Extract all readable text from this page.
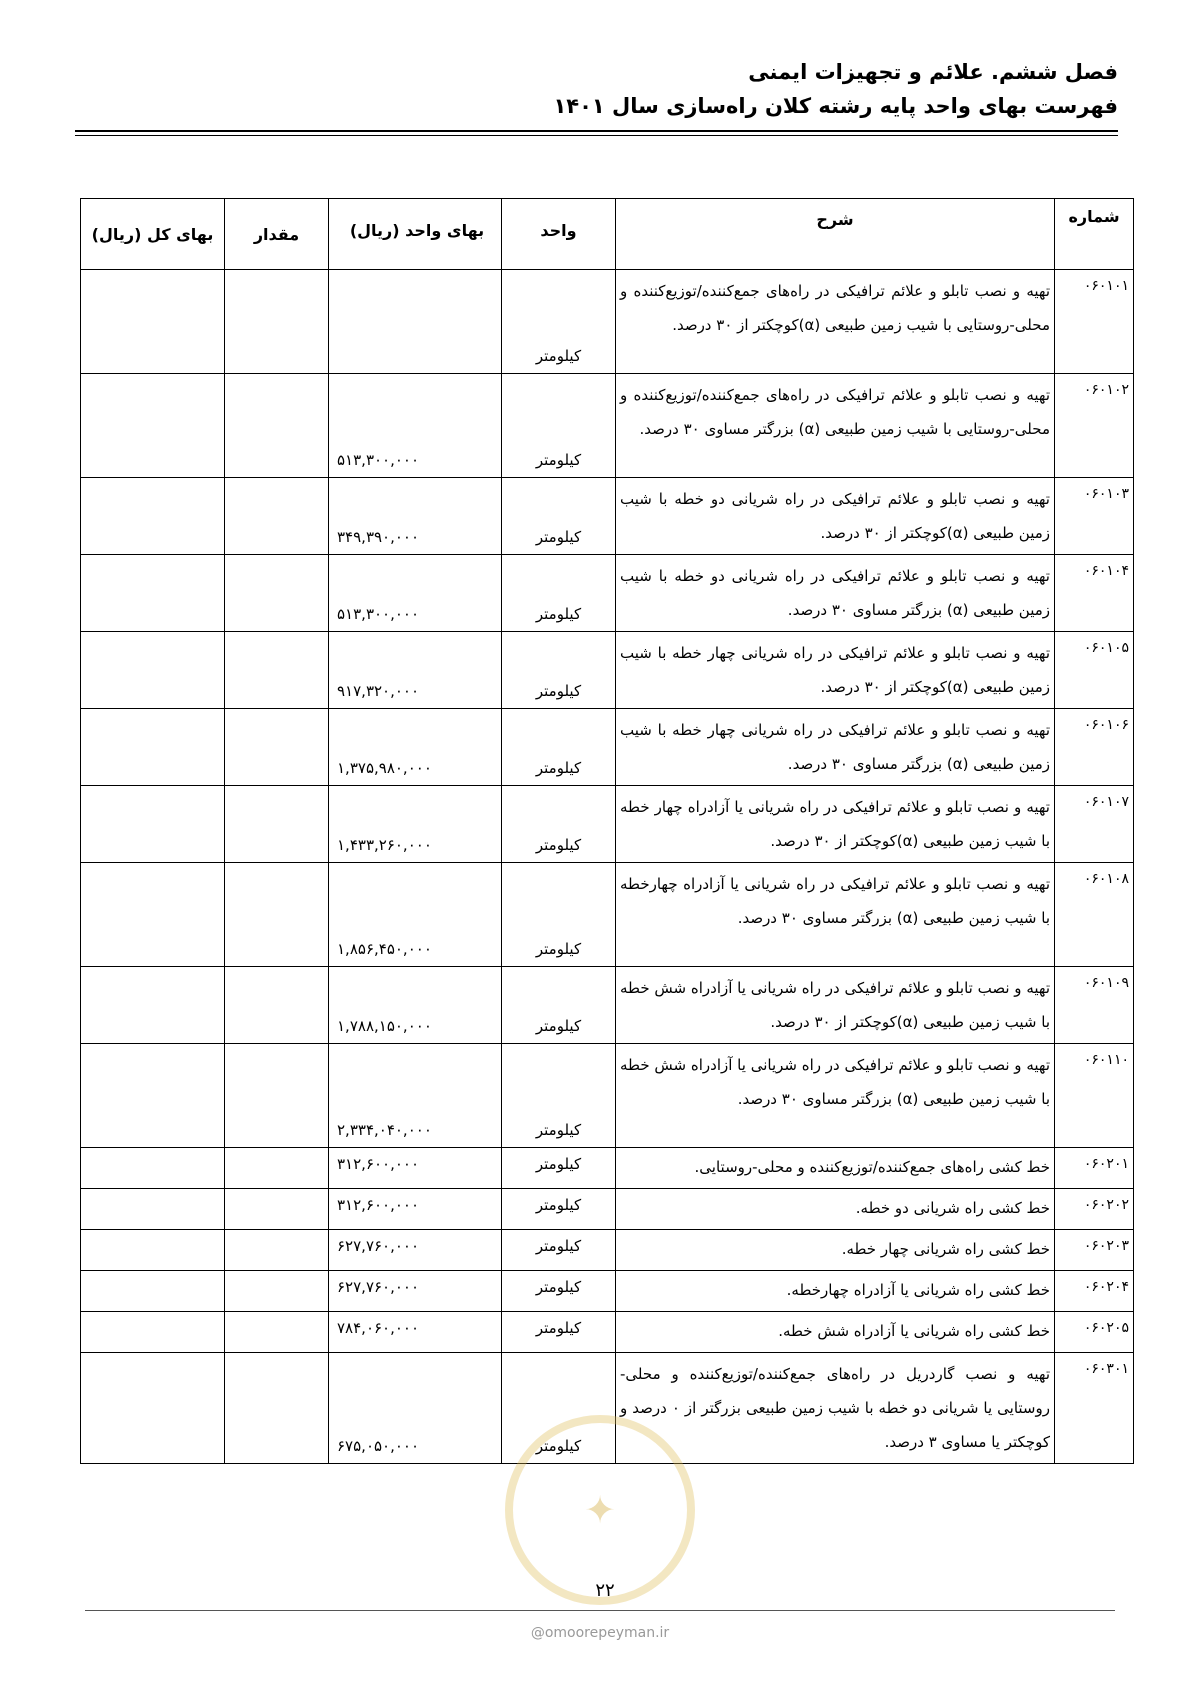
فصل ششم. علائم و تجهیزات ایمنی
فهرست بهای واحد پایه رشته کلان راه‌سازی سال ۱۴۰۱
شماره	شرح	واحد	بهای واحد (ریال)	مقدار	بهای کل (ریال)
۰۶۰۱۰۱	تهیه و نصب تابلو و علائم ترافیکی در راه‌های جمع‌کننده/توزیع‌کننده و محلی-روستایی با شیب زمین طبیعی (α)کوچکتر از ۳۰ درصد.	کیلومتر			
۰۶۰۱۰۲	تهیه و نصب تابلو و علائم ترافیکی در راه‌های جمع‌کننده/توزیع‌کننده و محلی-روستایی با شیب زمین طبیعی (α) بزرگتر مساوی ۳۰ درصد.	کیلومتر	۵۱۳,۳۰۰,۰۰۰		
۰۶۰۱۰۳	تهیه و نصب تابلو و علائم ترافیکی در راه شریانی دو خطه با شیب زمین طبیعی (α)کوچکتر از ۳۰ درصد.	کیلومتر	۳۴۹,۳۹۰,۰۰۰		
۰۶۰۱۰۴	تهیه و نصب تابلو و علائم ترافیکی در راه شریانی دو خطه با شیب زمین طبیعی (α) بزرگتر مساوی ۳۰ درصد.	کیلومتر	۵۱۳,۳۰۰,۰۰۰		
۰۶۰۱۰۵	تهیه و نصب تابلو و علائم ترافیکی در راه شریانی چهار خطه با شیب زمین طبیعی (α)کوچکتر از ۳۰ درصد.	کیلومتر	۹۱۷,۳۲۰,۰۰۰		
۰۶۰۱۰۶	تهیه و نصب تابلو و علائم ترافیکی در راه شریانی چهار خطه با شیب زمین طبیعی (α) بزرگتر مساوی ۳۰ درصد.	کیلومتر	۱,۳۷۵,۹۸۰,۰۰۰		
۰۶۰۱۰۷	تهیه و نصب تابلو و علائم ترافیکی در راه شریانی یا آزادراه چهار خطه با شیب زمین طبیعی (α)کوچکتر از ۳۰ درصد.	کیلومتر	۱,۴۳۳,۲۶۰,۰۰۰		
۰۶۰۱۰۸	تهیه و نصب تابلو و علائم ترافیکی در راه شریانی یا آزادراه چهارخطه با شیب زمین طبیعی (α) بزرگتر مساوی ۳۰ درصد.	کیلومتر	۱,۸۵۶,۴۵۰,۰۰۰		
۰۶۰۱۰۹	تهیه و نصب تابلو و علائم ترافیکی در راه شریانی یا آزادراه شش خطه با شیب زمین طبیعی (α)کوچکتر از ۳۰ درصد.	کیلومتر	۱,۷۸۸,۱۵۰,۰۰۰		
۰۶۰۱۱۰	تهیه و نصب تابلو و علائم ترافیکی در راه شریانی یا آزادراه شش خطه با شیب زمین طبیعی (α) بزرگتر مساوی ۳۰ درصد.	کیلومتر	۲,۳۳۴,۰۴۰,۰۰۰		
۰۶۰۲۰۱	خط کشی راه‌های جمع‌کننده/توزیع‌کننده و محلی-روستایی.	کیلومتر	۳۱۲,۶۰۰,۰۰۰		
۰۶۰۲۰۲	خط کشی راه شریانی دو خطه.	کیلومتر	۳۱۲,۶۰۰,۰۰۰		
۰۶۰۲۰۳	خط کشی راه شریانی چهار خطه.	کیلومتر	۶۲۷,۷۶۰,۰۰۰		
۰۶۰۲۰۴	خط کشی راه شریانی یا آزادراه چهارخطه.	کیلومتر	۶۲۷,۷۶۰,۰۰۰		
۰۶۰۲۰۵	خط کشی راه شریانی یا آزادراه شش خطه.	کیلومتر	۷۸۴,۰۶۰,۰۰۰		
۰۶۰۳۰۱	تهیه و نصب گاردریل در راه‌های جمع‌کننده/توزیع‌کننده و محلی-روستایی یا شریانی دو خطه با شیب زمین طبیعی بزرگتر از ۰ درصد و کوچکتر یا مساوی ۳ درصد.	کیلومتر	۶۷۵,۰۵۰,۰۰۰		
✦
۲۲
@omoorepeyman.ir
